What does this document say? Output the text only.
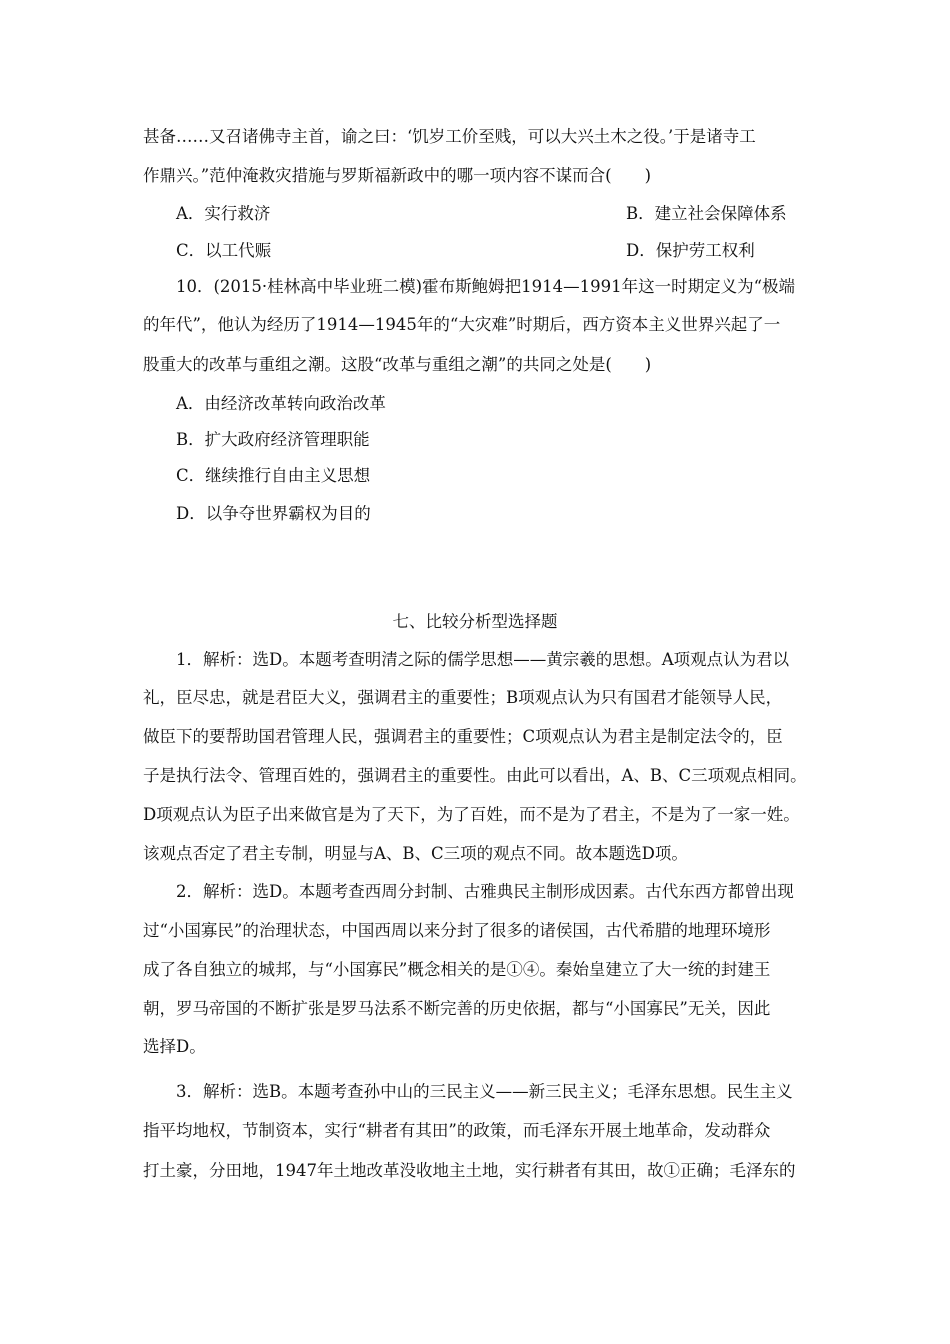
甚备……又召诸佛寺主首，谕之曰：‘饥岁工价至贱，可以大兴土木之役。’于是诸寺工
作鼎兴。”范仲淹救灾措施与罗斯福新政中的哪一项内容不谋而合(　　)
A．实行救济	B．建立社会保障体系
C．以工代赈	D．保护劳工权利
10．(2015·桂林高中毕业班二模)霍布斯鲍姆把1914—1991年这一时期定义为“极端
的年代”，他认为经历了1914—1945年的“大灾难”时期后，西方资本主义世界兴起了一
股重大的改革与重组之潮。这股“改革与重组之潮”的共同之处是(　　)
A．由经济改革转向政治改革
B．扩大政府经济管理职能
C．继续推行自由主义思想
D．以争夺世界霸权为目的
七、比较分析型选择题
1．解析：选D。本题考查明清之际的儒学思想——黄宗羲的思想。A项观点认为君以
礼，臣尽忠，就是君臣大义，强调君主的重要性；B项观点认为只有国君才能领导人民，
做臣下的要帮助国君管理人民，强调君主的重要性；C项观点认为君主是制定法令的，臣
子是执行法令、管理百姓的，强调君主的重要性。由此可以看出，A、B、C三项观点相同。
D项观点认为臣子出来做官是为了天下，为了百姓，而不是为了君主，不是为了一家一姓。
该观点否定了君主专制，明显与A、B、C三项的观点不同。故本题选D项。
2．解析：选D。本题考查西周分封制、古雅典民主制形成因素。古代东西方都曾出现
过“小国寡民”的治理状态，中国西周以来分封了很多的诸侯国，古代希腊的地理环境形
成了各自独立的城邦，与“小国寡民”概念相关的是①④。秦始皇建立了大一统的封建王
朝，罗马帝国的不断扩张是罗马法系不断完善的历史依据，都与“小国寡民”无关，因此
选择D。
3．解析：选B。本题考查孙中山的三民主义——新三民主义；毛泽东思想。民生主义
指平均地权，节制资本，实行“耕者有其田”的政策，而毛泽东开展土地革命，发动群众
打土豪，分田地，1947年土地改革没收地主土地，实行耕者有其田，故①正确；毛泽东的
